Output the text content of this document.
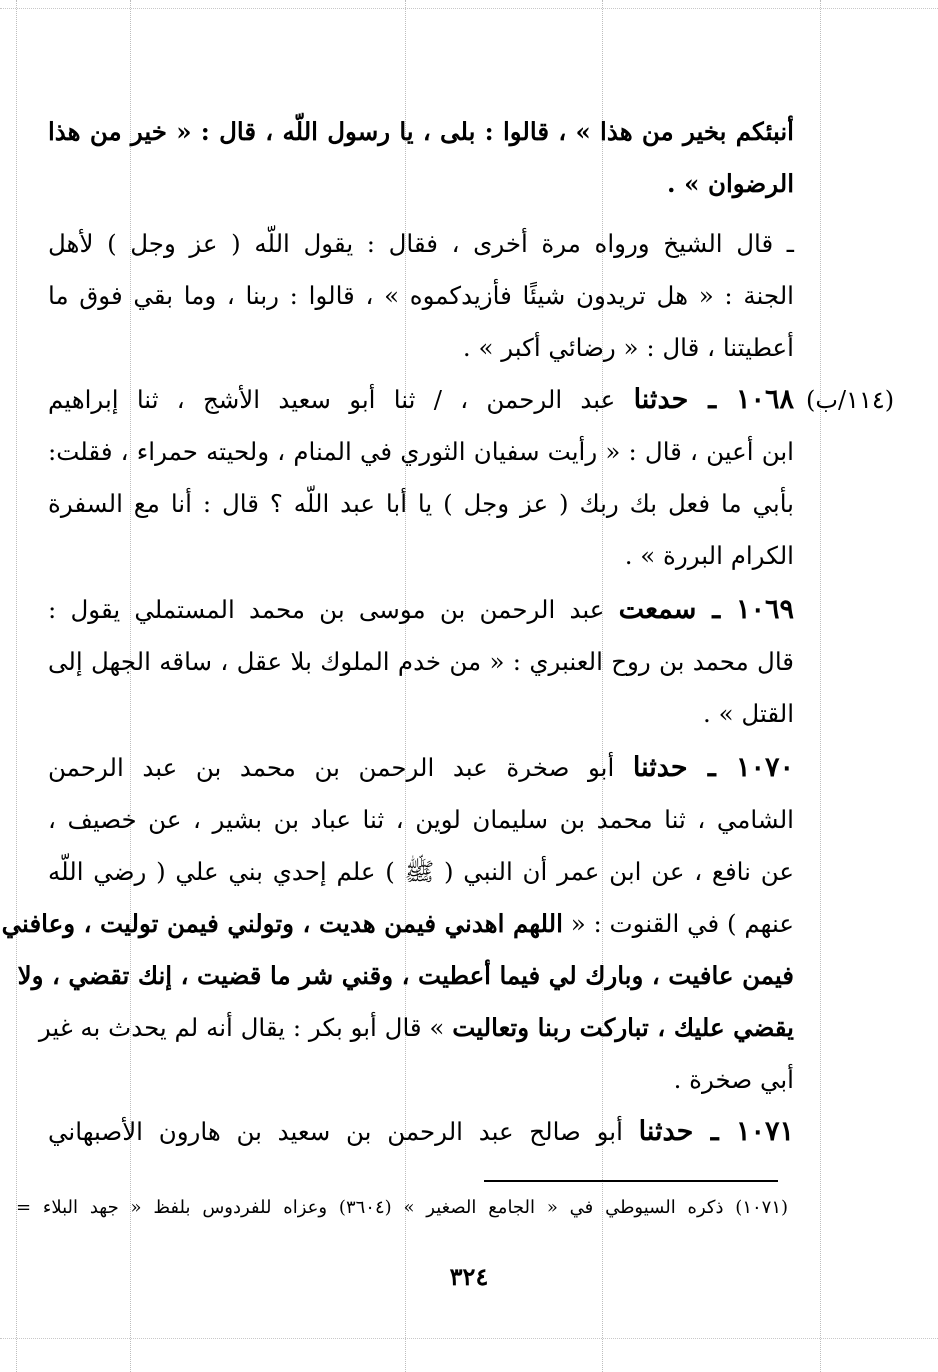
(١١٤/ب)
أنبئكم بخير من هذا » ، قالوا : بلى ، يا رسول اللّه ، قال : « خير من هذا
الرضوان » .
ـ قال الشيخ ورواه مرة أخرى ، فقال : يقول اللّه ( عز وجل ) لأهل
الجنة : « هل تريدون شيئًا فأزيدكموه » ، قالوا : ربنا ، وما بقي فوق ما
أعطيتنا ، قال : « رضائي أكبر » .
١٠٦٨ ـ حدثنا عبد الرحمن ، / ثنا أبو سعيد الأشج ، ثنا إبراهيم
ابن أعين ، قال : « رأيت سفيان الثوري في المنام ، ولحيته حمراء ، فقلت:
بأبي ما فعل بك ربك ( عز وجل ) يا أبا عبد اللّه ؟ قال : أنا مع السفرة
الكرام البررة » .
١٠٦٩ ـ سمعت عبد الرحمن بن موسى بن محمد المستملي يقول :
قال محمد بن روح العنبري : « من خدم الملوك بلا عقل ، ساقه الجهل إلى
القتل » .
١٠٧٠ ـ حدثنا أبو صخرة عبد الرحمن بن محمد بن عبد الرحمن
الشامي ، ثنا محمد بن سليمان لوين ، ثنا عباد بن بشير ، عن خصيف ،
عن نافع ، عن ابن عمر أن النبي ( ﷺ ) علم إحدي بني علي ( رضي اللّه
عنهم ) في القنوت : « اللهم اهدني فيمن هديت ، وتولني فيمن توليت ، وعافني
فيمن عافيت ، وبارك لي فيما أعطيت ، وقني شر ما قضيت ، إنك تقضي ، ولا
يقضي عليك ، تباركت ربنا وتعاليت » قال أبو بكر : يقال أنه لم يحدث به غير
أبي صخرة .
١٠٧١ ـ حدثنا أبو صالح عبد الرحمن بن سعيد بن هارون الأصبهاني
(١٠٧١) ذكره السيوطي في « الجامع الصغير » (٣٦٠٤) وعزاه للفردوس بلفظ « جهد البلاء =
٣٢٤
